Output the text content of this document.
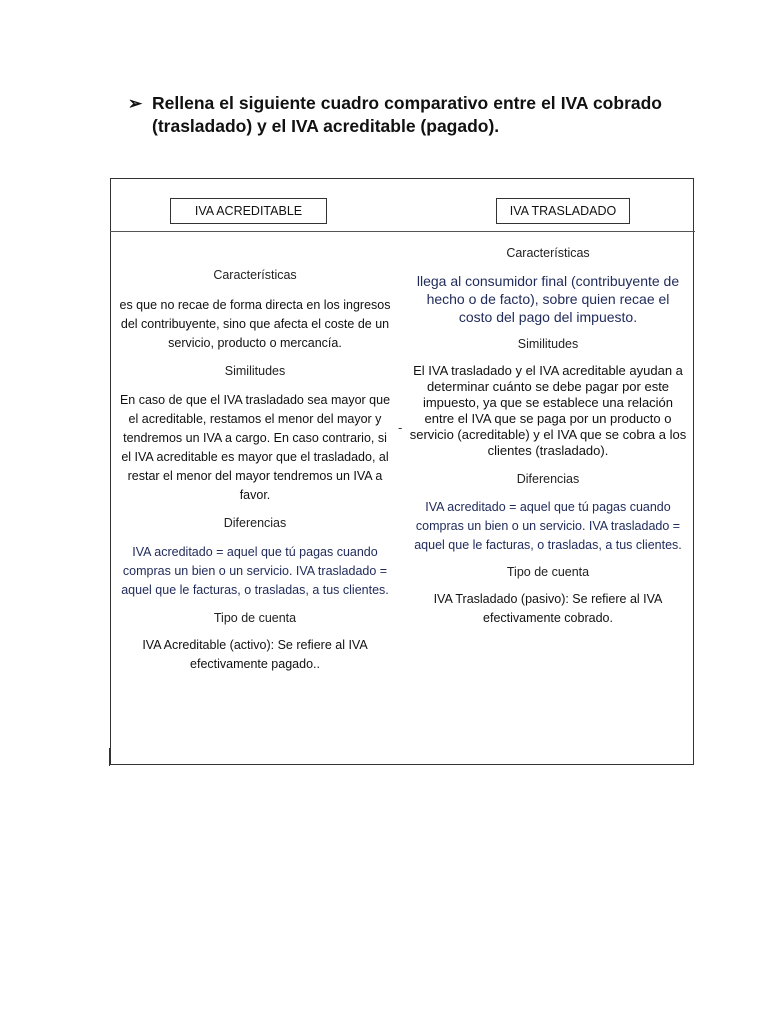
➢ Rellena el siguiente cuadro comparativo entre el IVA cobrado (trasladado) y el IVA acreditable (pagado).
IVA ACREDITABLE	IVA TRASLADADO

Características

es que no recae de forma directa en los ingresos del contribuyente, sino que afecta el coste de un servicio, producto o mercancía.

Similitudes

En caso de que el IVA trasladado sea mayor que el acreditable, restamos el menor del mayor y tendremos un IVA a cargo. En caso contrario, si el IVA acreditable es mayor que el trasladado, al restar el menor del mayor tendremos un IVA a favor.

Diferencias

IVA acreditado = aquel que tú pagas cuando compras un bien o un servicio. IVA trasladado = aquel que le facturas, o trasladas, a tus clientes.

Tipo de cuenta

IVA Acreditable (activo): Se refiere al IVA efectivamente pagado..

-

Características

llega al consumidor final (contribuyente de hecho o de facto), sobre quien recae el costo del pago del impuesto.

Similitudes

El IVA trasladado y el IVA acreditable ayudan a determinar cuánto se debe pagar por este impuesto, ya que se establece una relación entre el IVA que se paga por un producto o servicio (acreditable) y el IVA que se cobra a los clientes (trasladado).

Diferencias

IVA acreditado = aquel que tú pagas cuando compras un bien o un servicio. IVA trasladado = aquel que le facturas, o trasladas, a tus clientes.

Tipo de cuenta

IVA Trasladado (pasivo): Se refiere al IVA efectivamente cobrado.
